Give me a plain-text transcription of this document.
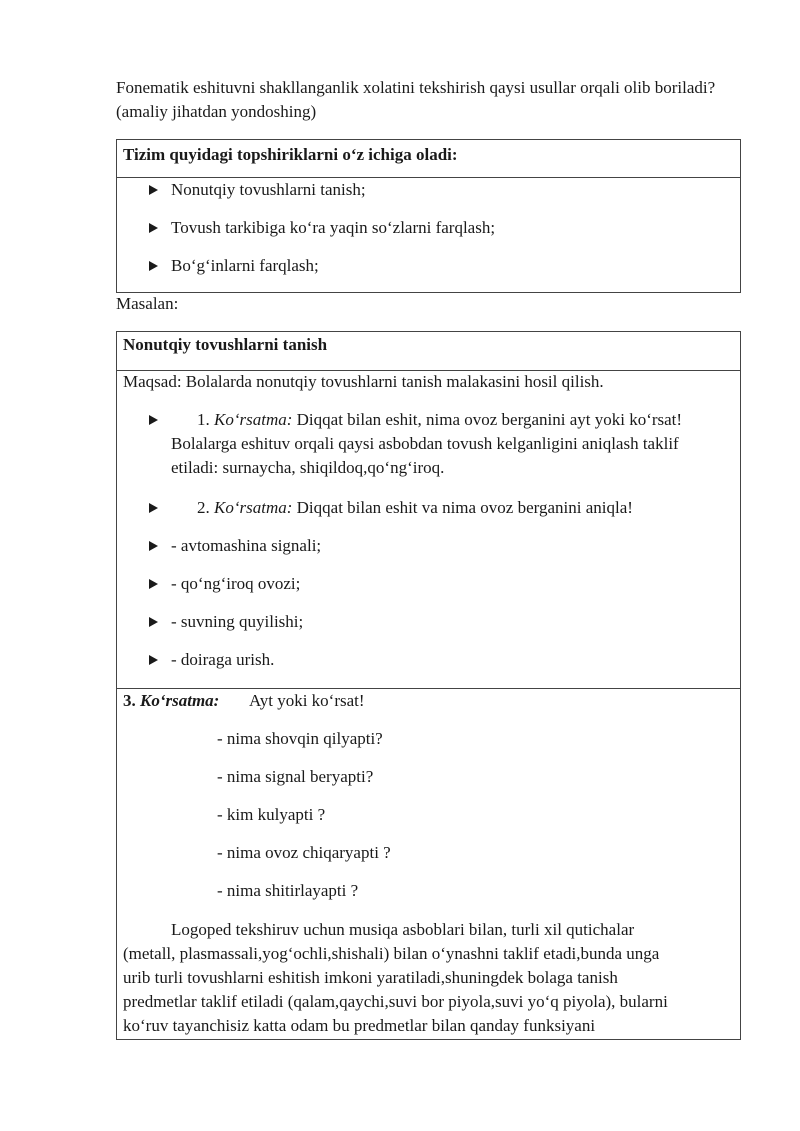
Fonematik eshituvni shakllanganlik xolatini tekshirish qaysi usullar orqali olib boriladi? (amaliy jihatdan yondoshing)

Tizim quyidagi topshiriklarni o‘z ichiga oladi:
Nonutqiy tovushlarni tanish;
Tovush tarkibiga ko‘ra yaqin so‘zlarni farqlash;
Bo‘g‘inlarni farqlash;

Masalan:

Nonutqiy tovushlarni tanish
Maqsad: Bolalarda nonutqiy tovushlarni tanish malakasini hosil qilish.
1. Ko‘rsatma: Diqqat bilan eshit, nima ovoz berganini ayt yoki ko‘rsat!
Bolalarga eshituv orqali qaysi asbobdan tovush kelganligini aniqlash taklif
etiladi: surnaycha, shiqildoq,qo‘ng‘iroq.
2. Ko‘rsatma: Diqqat bilan eshit va nima ovoz berganini aniqla!
- avtomashina signali;
- qo‘ng‘iroq ovozi;
- suvning quyilishi;
- doiraga urish.
3. Ko‘rsatma: Ayt yoki ko‘rsat!
- nima shovqin qilyapti?
- nima signal beryapti?
- kim kulyapti ?
- nima ovoz chiqaryapti ?
- nima shitirlayapti ?
Logoped tekshiruv uchun musiqa asboblari bilan, turli xil qutichalar
(metall, plasmassali,yog‘ochli,shishali) bilan o‘ynashni taklif etadi,bunda unga
urib turli tovushlarni eshitish imkoni yaratiladi,shuningdek bolaga tanish
predmetlar taklif etiladi (qalam,qaychi,suvi bor piyola,suvi yo‘q piyola), bularni
ko‘ruv tayanchisiz katta odam bu predmetlar bilan qanday funksiyani
